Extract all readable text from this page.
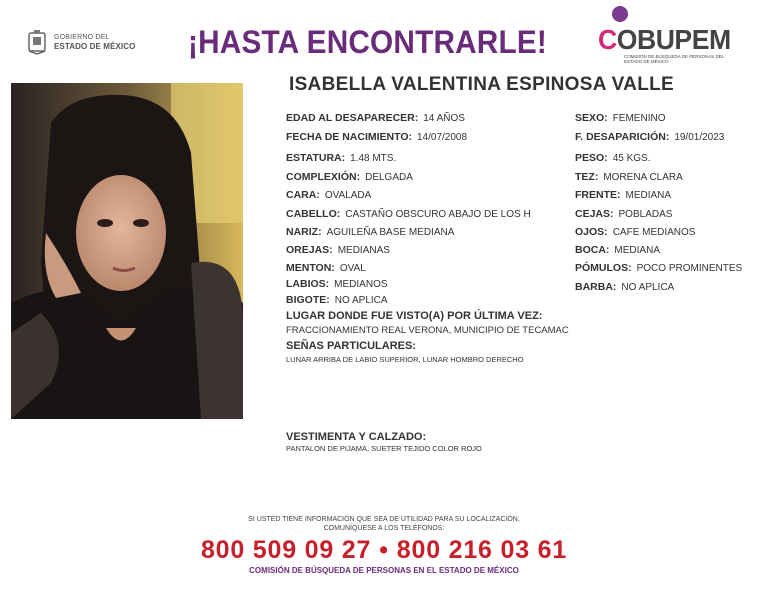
GOBIERNO DEL
ESTADO DE MÉXICO ¡HASTA ENCONTRARLE! COBUPEM
COMISIÓN DE BÚSQUEDA DE PERSONAS DEL ESTADO DE MÉXICO
ISABELLA VALENTINA ESPINOSA VALLE
EDAD AL DESAPARECER: 14 AÑOS
FECHA DE NACIMIENTO: 14/07/2008
ESTATURA: 1.48 MTS.
COMPLEXIÓN: DELGADA
CARA: OVALADA
CABELLO: CASTAÑO OBSCURO ABAJO DE LOS H
NARIZ: AGUILEÑA BASE MEDIANA
OREJAS: MEDIANAS
MENTON: OVAL
LABIOS: MEDIANOS
BIGOTE: NO APLICA
SEXO: FEMENINO
F. DESAPARICIÓN: 19/01/2023
PESO: 45 KGS.
TEZ: MORENA CLARA
FRENTE: MEDIANA
CEJAS: POBLADAS
OJOS: CAFE MEDIANOS
BOCA: MEDIANA
PÓMULOS: POCO PROMINENTES
BARBA: NO APLICA
LUGAR DONDE FUE VISTO(A) POR ÚLTIMA VEZ:
FRACCIONAMIENTO REAL VERONA, MUNICIPIO DE TECAMAC
SEÑAS PARTICULARES:
LUNAR ARRIBA DE LABIO SUPERIOR, LUNAR HOMBRO DERECHO
VESTIMENTA Y CALZADO:
PANTALON DE PIJAMA, SUETER TEJIDO COLOR ROJO
SI USTED TIENE INFORMACIÓN QUE SEA DE UTILIDAD PARA SU LOCALIZACIÓN,
COMUNÍQUESE A LOS TELÉFONOS:
800 509 09 27 • 800 216 03 61
COMISIÓN DE BÚSQUEDA DE PERSONAS EN EL ESTADO DE MÉXICO
